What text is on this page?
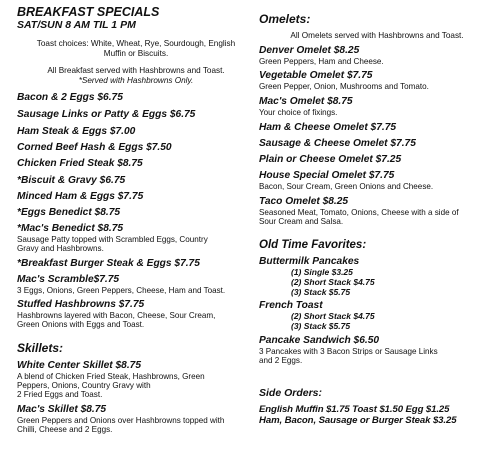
BREAKFAST SPECIALS
SAT/SUN 8 AM TIL 1 PM
Toast choices: White, Wheat, Rye, Sourdough, English
Muffin or Biscuits.
All Breakfast served with Hashbrowns and Toast.
*Served with Hashbrowns Only.
Bacon & 2 Eggs $6.75
Sausage Links or Patty & Eggs $6.75
Ham Steak & Eggs $7.00
Corned Beef Hash & Eggs $7.50
Chicken Fried Steak $8.75
*Biscuit & Gravy $6.75
Minced Ham & Eggs $7.75
*Eggs Benedict $8.75
*Mac's Benedict $8.75
Sausage Patty topped with Scrambled Eggs, Country
Gravy and Hashbrowns.
*Breakfast Burger Steak & Eggs $7.75
Mac's Scramble$7.75
3 Eggs, Onions, Green Peppers, Cheese, Ham and Toast.
Stuffed Hashbrowns $7.75
Hashbrowns layered with Bacon, Cheese, Sour Cream,
Green Onions with Eggs and Toast.
Skillets:
White Center Skillet $8.75
A blend of Chicken Fried Steak, Hashbrowns, Green
Peppers, Onions, Country Gravy with
2 Fried Eggs and Toast.
Mac's Skillet $8.75
Green Peppers and Onions over Hashbrowns topped with
Chilli, Cheese and 2 Eggs.
Omelets:
All Omelets served with Hashbrowns and Toast.
Denver Omelet $8.25
Green Peppers, Ham and Cheese.
Vegetable Omelet $7.75
Green Pepper, Onion, Mushrooms and Tomato.
Mac's Omelet $8.75
Your choice of fixings.
Ham & Cheese Omelet $7.75
Sausage & Cheese Omelet $7.75
Plain or Cheese Omelet $7.25
House Special Omelet $7.75
Bacon, Sour Cream, Green Onions and Cheese.
Taco Omelet $8.25
Seasoned Meat, Tomato, Onions, Cheese with a side of
Sour Cream and Salsa.
Old Time Favorites:
Buttermilk Pancakes
(1) Single $3.25
(2) Short Stack $4.75
(3) Stack $5.75
French Toast
(2) Short Stack $4.75
(3) Stack $5.75
Pancake Sandwich $6.50
3 Pancakes with 3 Bacon Strips or Sausage Links
and 2 Eggs.
Side Orders:
English Muffin $1.75 Toast $1.50 Egg $1.25
Ham, Bacon, Sausage or Burger Steak $3.25
